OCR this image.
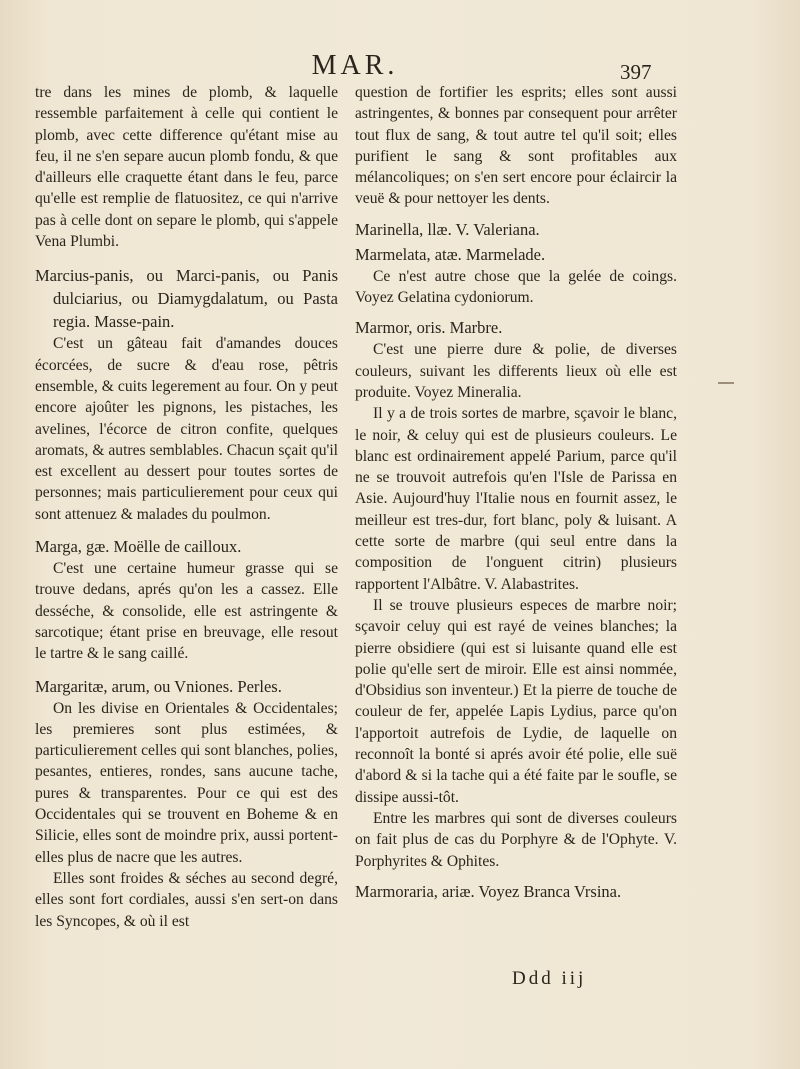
MAR.	397

tre dans les mines de plomb, & laquelle ressemble parfaitement à celle qui contient le plomb, avec cette difference qu'étant mise au feu, il ne s'en separe aucun plomb fondu, & que d'ailleurs elle craquette étant dans le feu, parce qu'elle est remplie de flatuositez, ce qui n'arrive pas à celle dont on separe le plomb, qui s'appele Vena Plumbi.

Marcius-panis, ou Marci-panis, ou Panis dulciarius, ou Diamygdalatum, ou Pasta regia. Masse-pain.

C'est un gâteau fait d'amandes douces écorcées, de sucre & d'eau rose, pêtris ensemble, & cuits legerement au four. On y peut encore ajoûter les pignons, les pistaches, les avelines, l'écorce de citron confite, quelques aromats, & autres semblables. Chacun sçait qu'il est excellent au dessert pour toutes sortes de personnes; mais particulierement pour ceux qui sont attenuez & malades du poulmon.

Marga, gæ. Moëlle de cailloux.

C'est une certaine humeur grasse qui se trouve dedans, aprés qu'on les a cassez. Elle desséche, & consolide, elle est astringente & sarcotique; étant prise en breuvage, elle resout le tartre & le sang caillé.

Margaritæ, arum, ou Vniones. Perles.

On les divise en Orientales & Occidentales; les premieres sont plus estimées, & particulierement celles qui sont blanches, polies, pesantes, entieres, rondes, sans aucune tache, pures & transparentes. Pour ce qui est des Occidentales qui se trouvent en Boheme & en Silicie, elles sont de moindre prix, aussi portent-elles plus de nacre que les autres.

Elles sont froides & séches au second degré, elles sont fort cordiales, aussi s'en sert-on dans les Syncopes, & où il est

question de fortifier les esprits; elles sont aussi astringentes, & bonnes par consequent pour arrêter tout flux de sang, & tout autre tel qu'il soit; elles purifient le sang & sont profitables aux mélancoliques; on s'en sert encore pour éclaircir la veuë & pour nettoyer les dents.

Marinella, llæ. V. Valeriana.

Marmelata, atæ. Marmelade.

Ce n'est autre chose que la gelée de coings. Voyez Gelatina cydoniorum.

Marmor, oris. Marbre.

C'est une pierre dure & polie, de diverses couleurs, suivant les differents lieux où elle est produite. Voyez Mineralia.

Il y a de trois sortes de marbre, sçavoir le blanc, le noir, & celuy qui est de plusieurs couleurs. Le blanc est ordinairement appelé Parium, parce qu'il ne se trouvoit autrefois qu'en l'Isle de Parissa en Asie. Aujourd'huy l'Italie nous en fournit assez, le meilleur est tres-dur, fort blanc, poly & luisant. A cette sorte de marbre (qui seul entre dans la composition de l'onguent citrin) plusieurs rapportent l'Albâtre. V. Alabastrites.

Il se trouve plusieurs especes de marbre noir; sçavoir celuy qui est rayé de veines blanches; la pierre obsidiere (qui est si luisante quand elle est polie qu'elle sert de miroir. Elle est ainsi nommée, d'Obsidius son inventeur.) Et la pierre de touche de couleur de fer, appelée Lapis Lydius, parce qu'on l'apportoit autrefois de Lydie, de laquelle on reconnoît la bonté si aprés avoir été polie, elle suë d'abord & si la tache qui a été faite par le soufle, se dissipe aussi-tôt.

Entre les marbres qui sont de diverses couleurs on fait plus de cas du Porphyre & de l'Ophyte. V. Porphyrites & Ophites.

Marmoraria, ariæ. Voyez Branca Vrsina.

Ddd iij
